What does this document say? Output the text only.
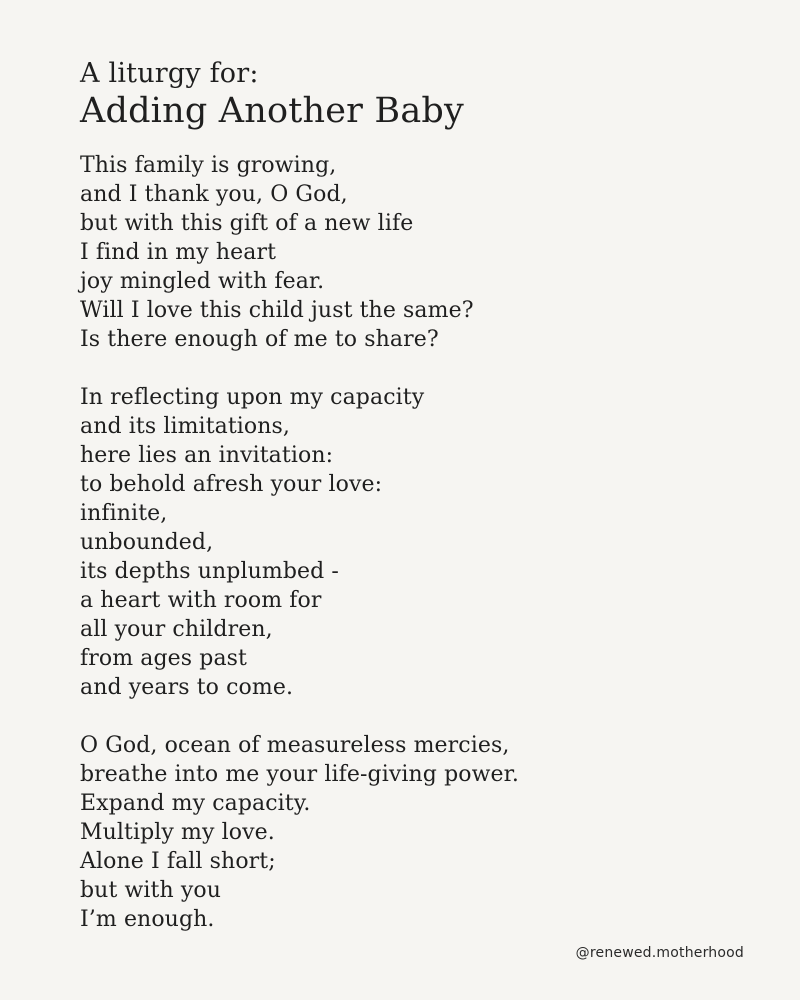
A liturgy for:
Adding Another Baby

This family is growing,
and I thank you, O God,
but with this gift of a new life
I find in my heart
joy mingled with fear.
Will I love this child just the same?
Is there enough of me to share?

In reflecting upon my capacity
and its limitations,
here lies an invitation:
to behold afresh your love:
infinite,
unbounded,
its depths unplumbed -
a heart with room for
all your children,
from ages past
and years to come.

O God, ocean of measureless mercies,
breathe into me your life-giving power.
Expand my capacity.
Multiply my love.
Alone I fall short;
but with you
I’m enough.

@renewed.motherhood
